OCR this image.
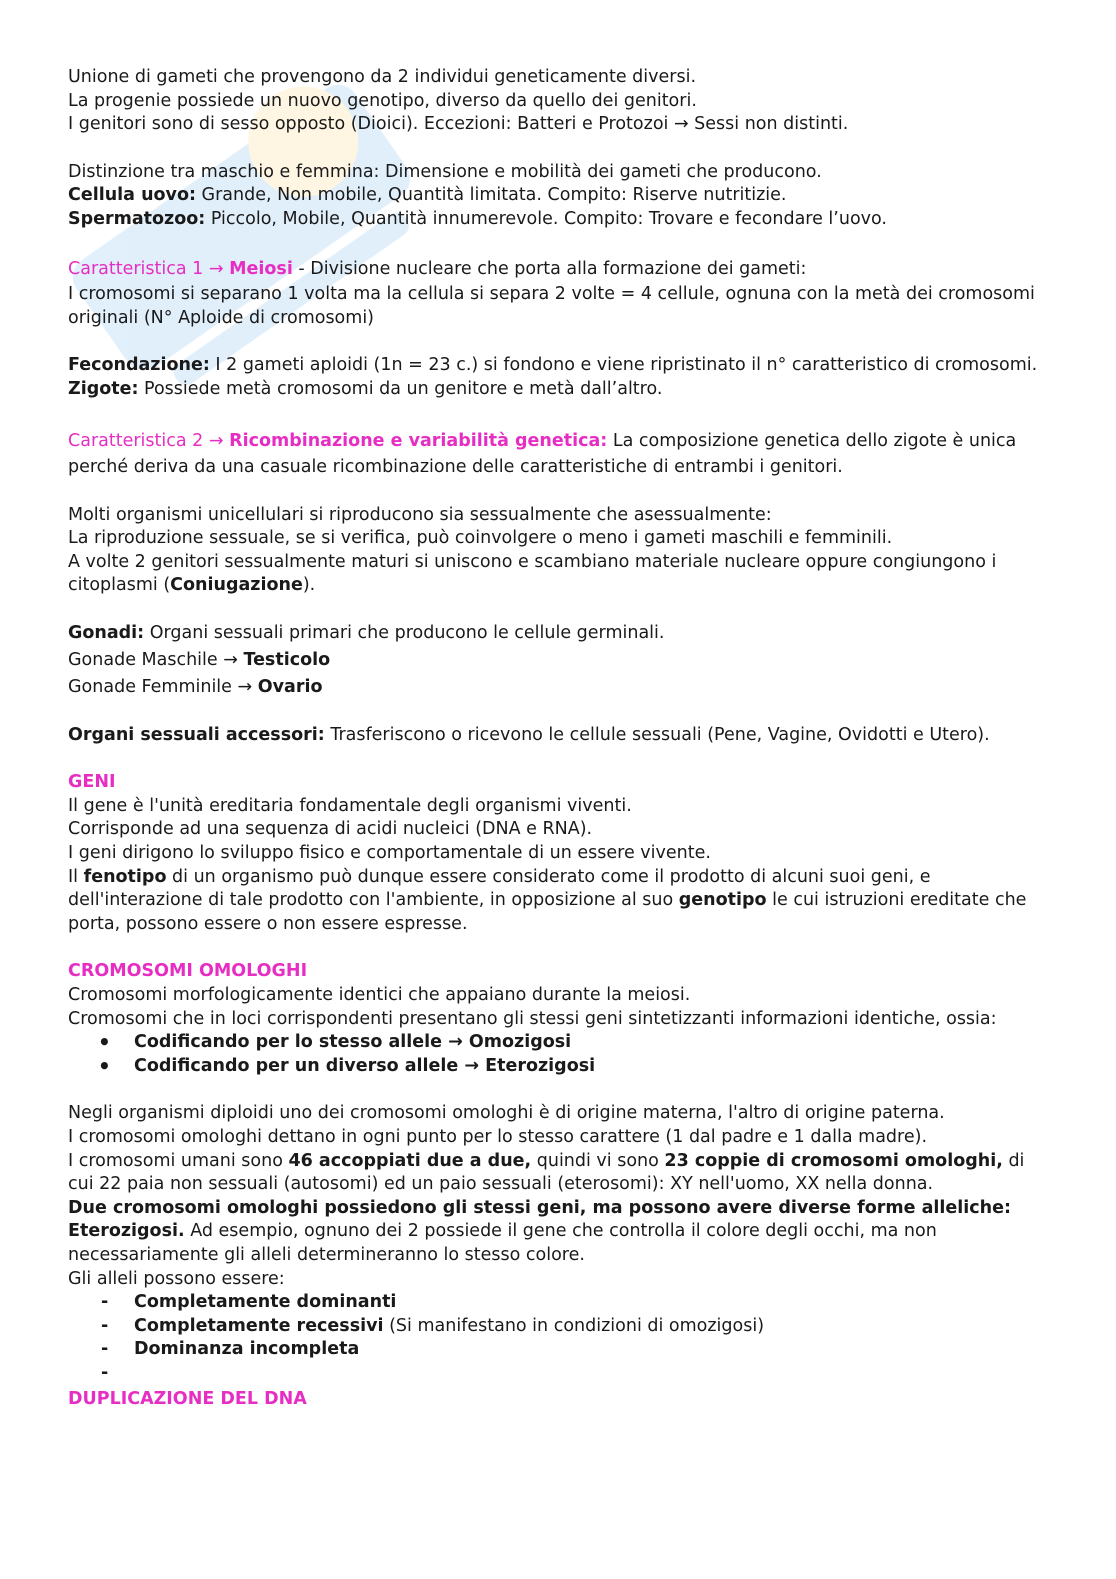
Unione di gameti che provengono da 2 individui geneticamente diversi.

La progenie possiede un nuovo genotipo, diverso da quello dei genitori.

I genitori sono di sesso opposto (Dioici). Eccezioni: Batteri e Protozoi → Sessi non distinti.

Distinzione tra maschio e femmina: Dimensione e mobilità dei gameti che producono.

Cellula uovo: Grande, Non mobile, Quantità limitata. Compito: Riserve nutritizie.

Spermatozoo: Piccolo, Mobile, Quantità innumerevole. Compito: Trovare e fecondare l’uovo.

Caratteristica 1 → Meiosi - Divisione nucleare che porta alla formazione dei gameti:

I cromosomi si separano 1 volta ma la cellula si separa 2 volte = 4 cellule, ognuna con la metà dei cromosomi originali (N° Aploide di cromosomi)

Fecondazione: I 2 gameti aploidi (1n = 23 c.) si fondono e viene ripristinato il n° caratteristico di cromosomi.

Zigote: Possiede metà cromosomi da un genitore e metà dall’altro.

Caratteristica 2 → Ricombinazione e variabilità genetica: La composizione genetica dello zigote è unica perché deriva da una casuale ricombinazione delle caratteristiche di entrambi i genitori.

Molti organismi unicellulari si riproducono sia sessualmente che asessualmente:

La riproduzione sessuale, se si verifica, può coinvolgere o meno i gameti maschili e femminili.

A volte 2 genitori sessualmente maturi si uniscono e scambiano materiale nucleare oppure congiungono i citoplasmi (Coniugazione).

Gonadi: Organi sessuali primari che producono le cellule germinali.

Gonade Maschile → Testicolo

Gonade Femminile → Ovario

Organi sessuali accessori: Trasferiscono o ricevono le cellule sessuali (Pene, Vagine, Ovidotti e Utero).

GENI

Il gene è l'unità ereditaria fondamentale degli organismi viventi.

Corrisponde ad una sequenza di acidi nucleici (DNA e RNA).

I geni dirigono lo sviluppo fisico e comportamentale di un essere vivente.

Il fenotipo di un organismo può dunque essere considerato come il prodotto di alcuni suoi geni, e dell'interazione di tale prodotto con l'ambiente, in opposizione al suo genotipo le cui istruzioni ereditate che porta, possono essere o non essere espresse.

CROMOSOMI OMOLOGHI

Cromosomi morfologicamente identici che appaiano durante la meiosi.

Cromosomi che in loci corrispondenti presentano gli stessi geni sintetizzanti informazioni identiche, ossia:

• Codificando per lo stesso allele → Omozigosi
• Codificando per un diverso allele → Eterozigosi

Negli organismi diploidi uno dei cromosomi omologhi è di origine materna, l'altro di origine paterna.

I cromosomi omologhi dettano in ogni punto per lo stesso carattere (1 dal padre e 1 dalla madre).

I cromosomi umani sono 46 accoppiati due a due, quindi vi sono 23 coppie di cromosomi omologhi, di cui 22 paia non sessuali (autosomi) ed un paio sessuali (eterosomi): XY nell'uomo, XX nella donna.

Due cromosomi omologhi possiedono gli stessi geni, ma possono avere diverse forme alleliche: Eterozigosi. Ad esempio, ognuno dei 2 possiede il gene che controlla il colore degli occhi, ma non necessariamente gli alleli determineranno lo stesso colore.

Gli alleli possono essere:

- Completamente dominanti
- Completamente recessivi (Si manifestano in condizioni di omozigosi)
- Dominanza incompleta
-

DUPLICAZIONE DEL DNA
